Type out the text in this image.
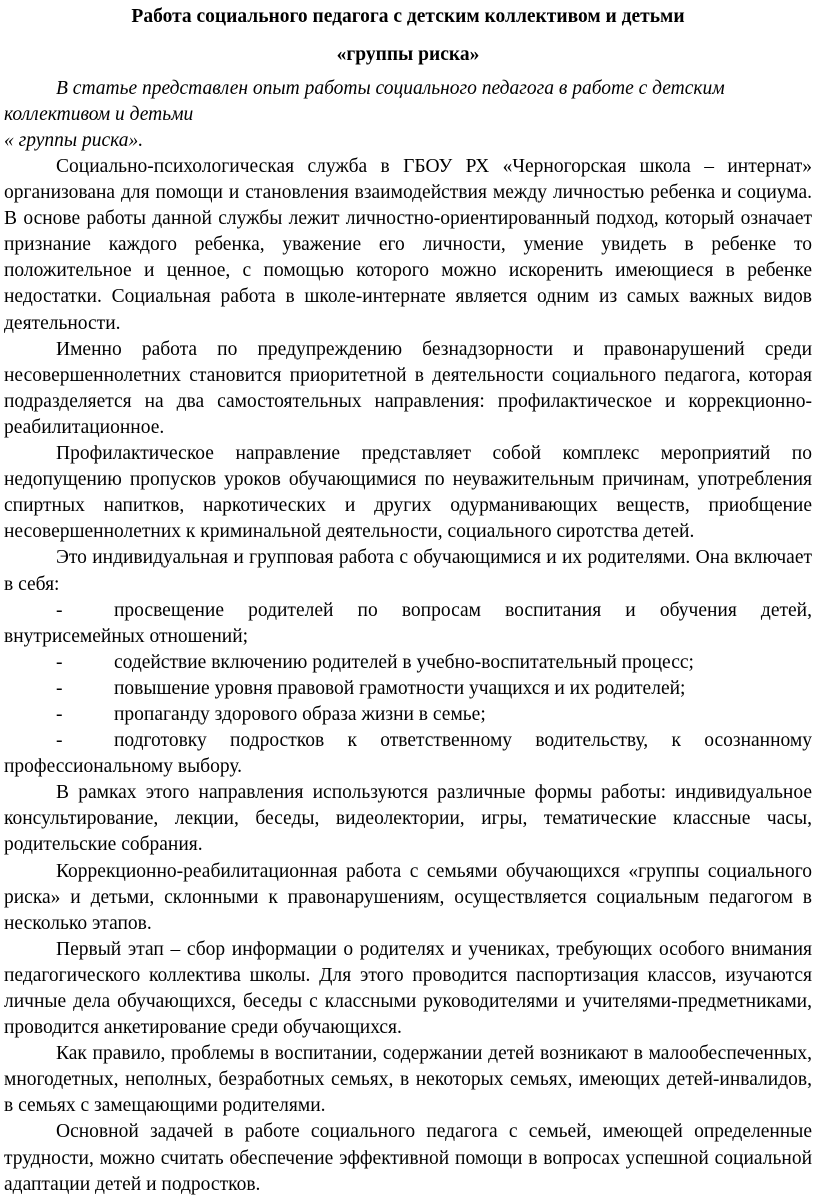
Работа социального педагога с детским коллективом и детьми
«группы риска»

В статье представлен опыт работы социального педагога в работе с детским коллективом и детьми

« группы риска».

Социально-психологическая служба в ГБОУ РХ «Черногорская школа – интернат» организована для помощи и становления взаимодействия между личностью ребенка и социума. В основе работы данной службы лежит личностно-ориентированный подход, который означает признание каждого ребенка, уважение его личности, умение увидеть в ребенке то положительное и ценное, с помощью которого можно искоренить имеющиеся в ребенке недостатки. Социальная работа в школе-интернате является одним из самых важных видов деятельности.

Именно работа по предупреждению безнадзорности и правонарушений среди несовершеннолетних становится приоритетной в деятельности социального педагога, которая подразделяется на два самостоятельных направления: профилактическое и коррекционно-реабилитационное.

Профилактическое направление представляет собой комплекс мероприятий по недопущению пропусков уроков обучающимися по неуважительным причинам, употребления спиртных напитков, наркотических и других одурманивающих веществ, приобщение несовершеннолетних к криминальной деятельности, социального сиротства детей.

Это индивидуальная и групповая работа с обучающимися и их родителями. Она включает в себя:

-	просвещение родителей по вопросам воспитания и обучения детей, внутрисемейных отношений;
-	содействие включению родителей в учебно-воспитательный процесс;
-	повышение уровня правовой грамотности учащихся и их родителей;
-	пропаганду здорового образа жизни в семье;
-	подготовку подростков к ответственному водительству, к осознанному профессиональному выбору.

В рамках этого направления используются различные формы работы: индивидуальное консультирование, лекции, беседы, видеолектории, игры, тематические классные часы, родительские собрания.

Коррекционно-реабилитационная работа с семьями обучающихся «группы социального риска» и детьми, склонными к правонарушениям, осуществляется социальным педагогом в несколько этапов.

Первый этап – сбор информации о родителях и учениках, требующих особого внимания педагогического коллектива школы. Для этого проводится паспортизация классов, изучаются личные дела обучающихся, беседы с классными руководителями и учителями-предметниками, проводится анкетирование среди обучающихся.

Как правило, проблемы в воспитании, содержании детей возникают в малообеспеченных, многодетных, неполных, безработных семьях, в некоторых семьях, имеющих детей-инвалидов, в семьях с замещающими родителями.

Основной задачей в работе социального педагога с семьей, имеющей определенные трудности, можно считать обеспечение эффективной помощи в вопросах успешной социальной адаптации детей и подростков.
